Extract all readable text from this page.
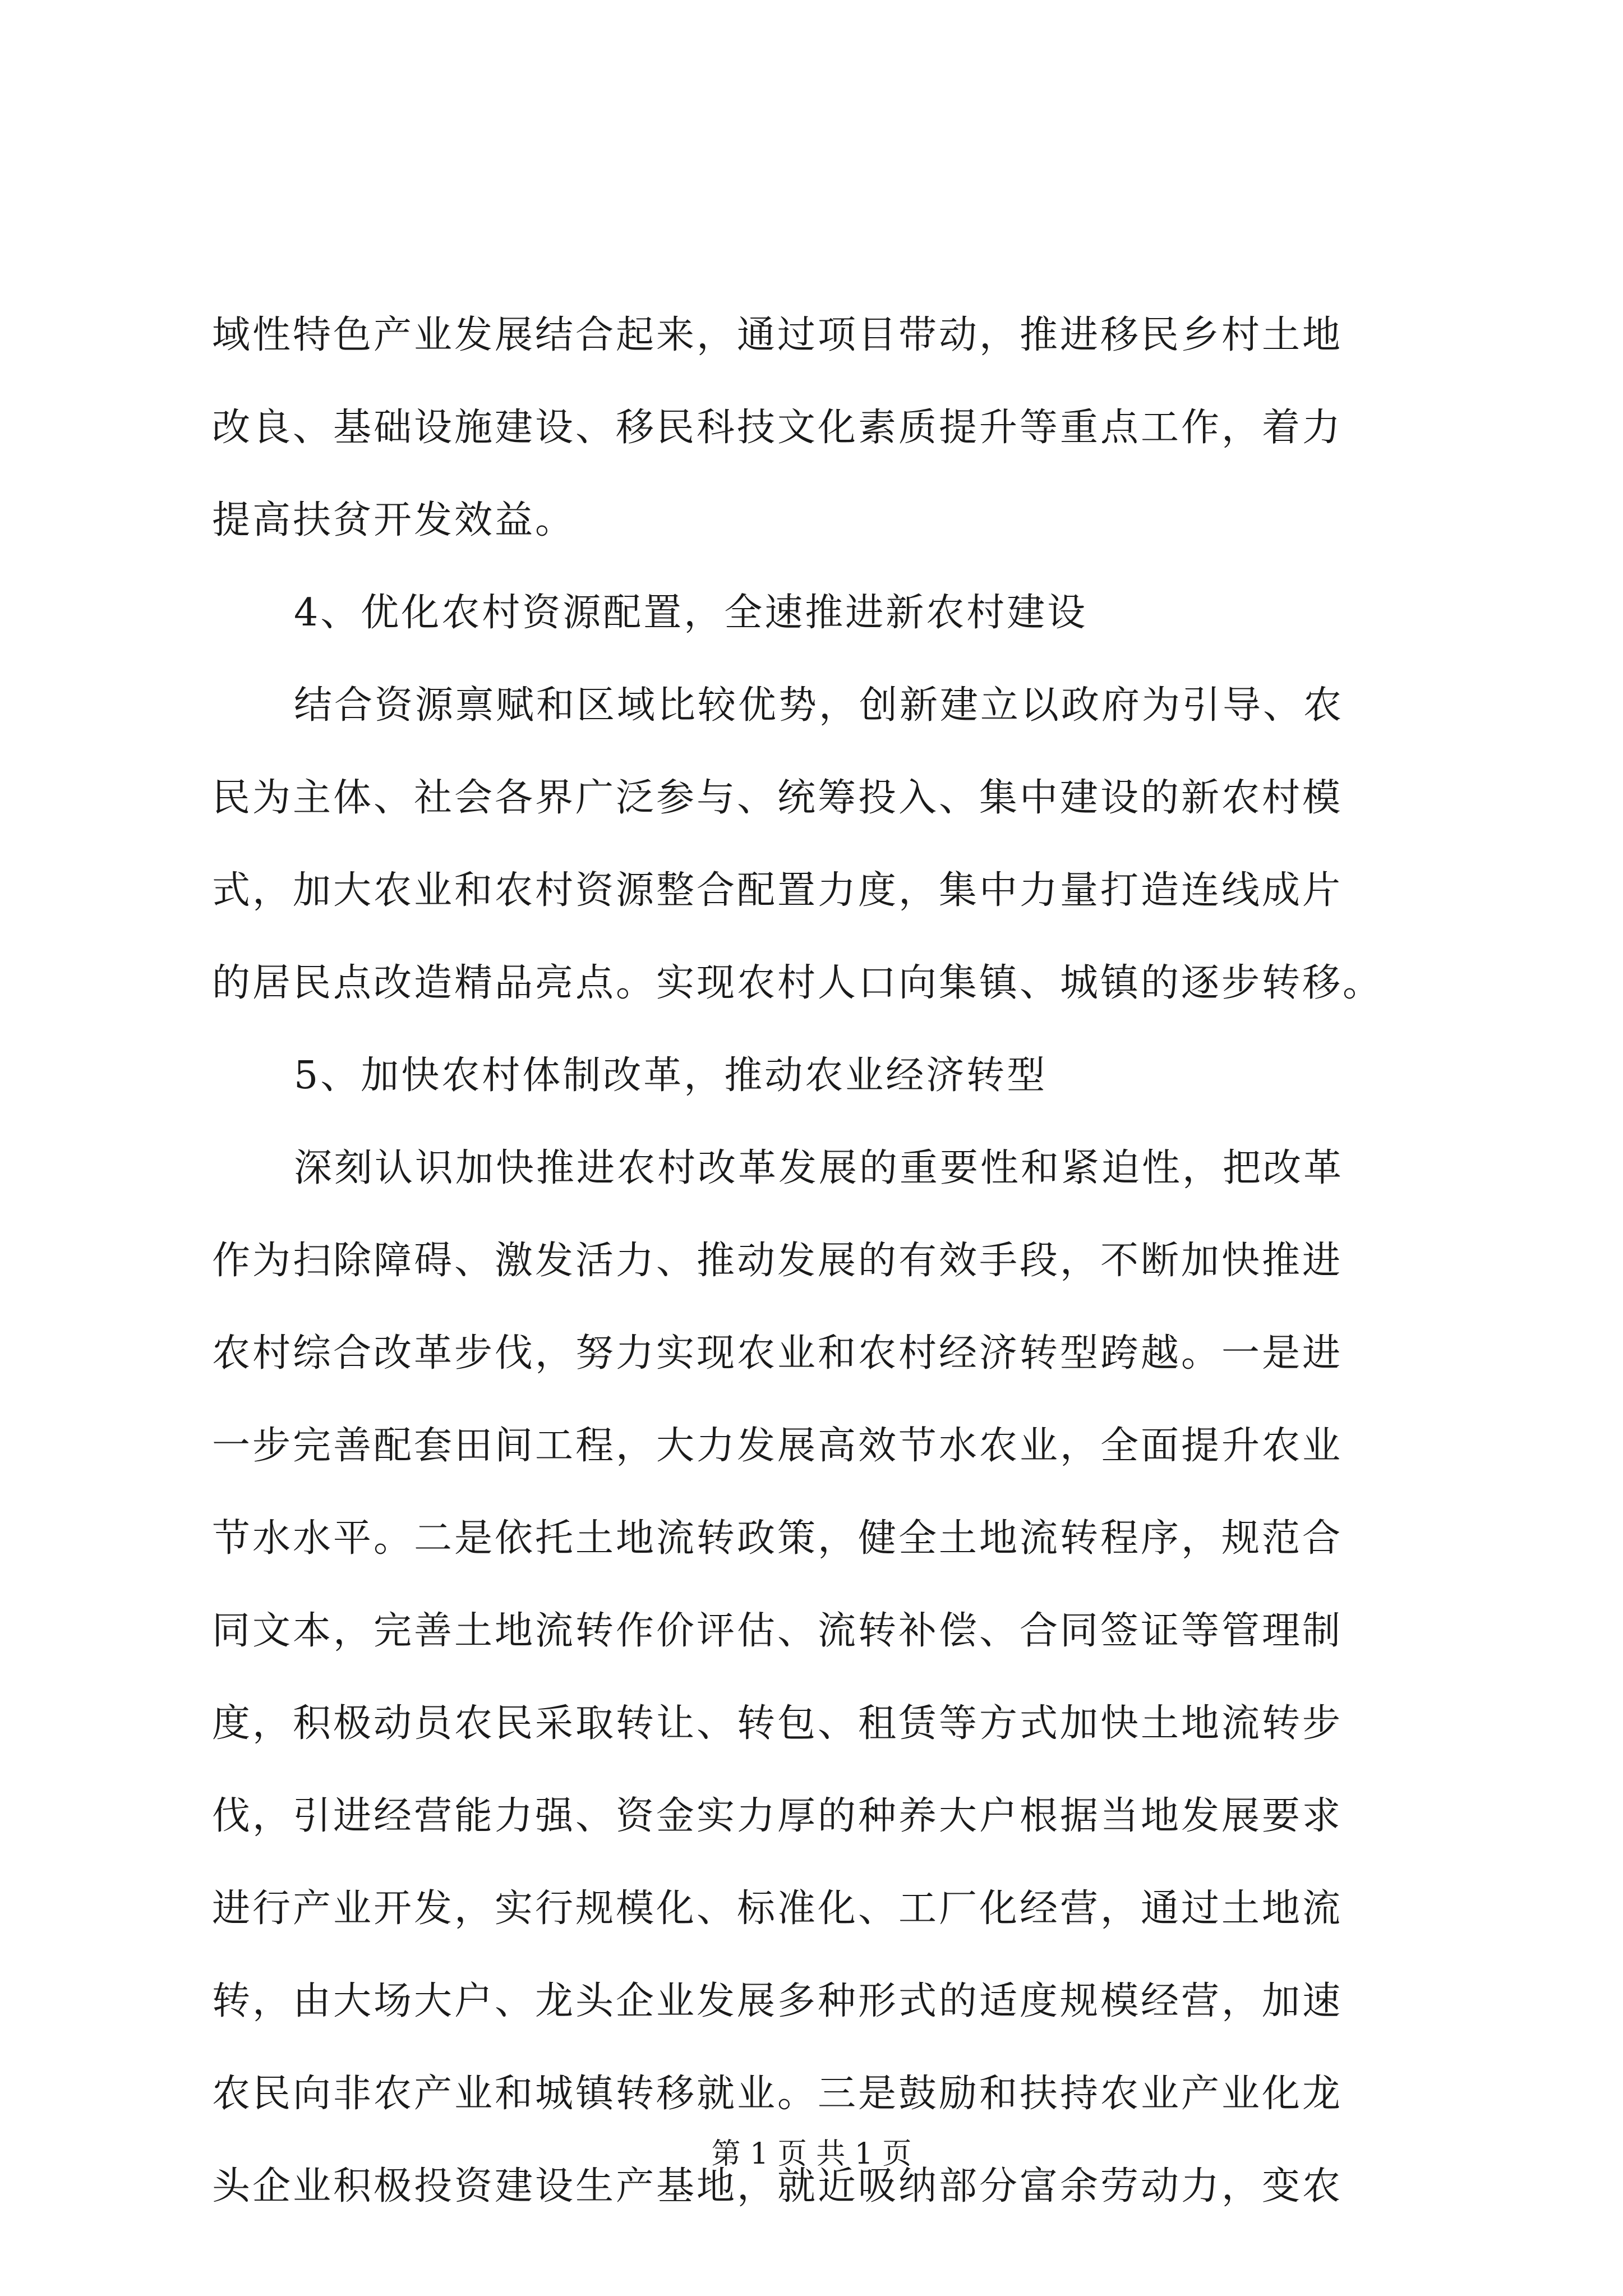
域性特色产业发展结合起来，通过项目带动，推进移民乡村土地
改良、基础设施建设、移民科技文化素质提升等重点工作，着力
提高扶贫开发效益。
4、优化农村资源配置，全速推进新农村建设
结合资源禀赋和区域比较优势，创新建立以政府为引导、农
民为主体、社会各界广泛参与、统筹投入、集中建设的新农村模
式，加大农业和农村资源整合配置力度，集中力量打造连线成片
的居民点改造精品亮点。实现农村人口向集镇、城镇的逐步转移。
5、加快农村体制改革，推动农业经济转型
深刻认识加快推进农村改革发展的重要性和紧迫性，把改革
作为扫除障碍、激发活力、推动发展的有效手段，不断加快推进
农村综合改革步伐，努力实现农业和农村经济转型跨越。一是进
一步完善配套田间工程，大力发展高效节水农业，全面提升农业
节水水平。二是依托土地流转政策，健全土地流转程序，规范合
同文本，完善土地流转作价评估、流转补偿、合同签证等管理制
度，积极动员农民采取转让、转包、租赁等方式加快土地流转步
伐，引进经营能力强、资金实力厚的种养大户根据当地发展要求
进行产业开发，实行规模化、标准化、工厂化经营，通过土地流
转，由大场大户、龙头企业发展多种形式的适度规模经营，加速
农民向非农产业和城镇转移就业。三是鼓励和扶持农业产业化龙
头企业积极投资建设生产基地，就近吸纳部分富余劳动力，变农
第 1 页 共 1 页
